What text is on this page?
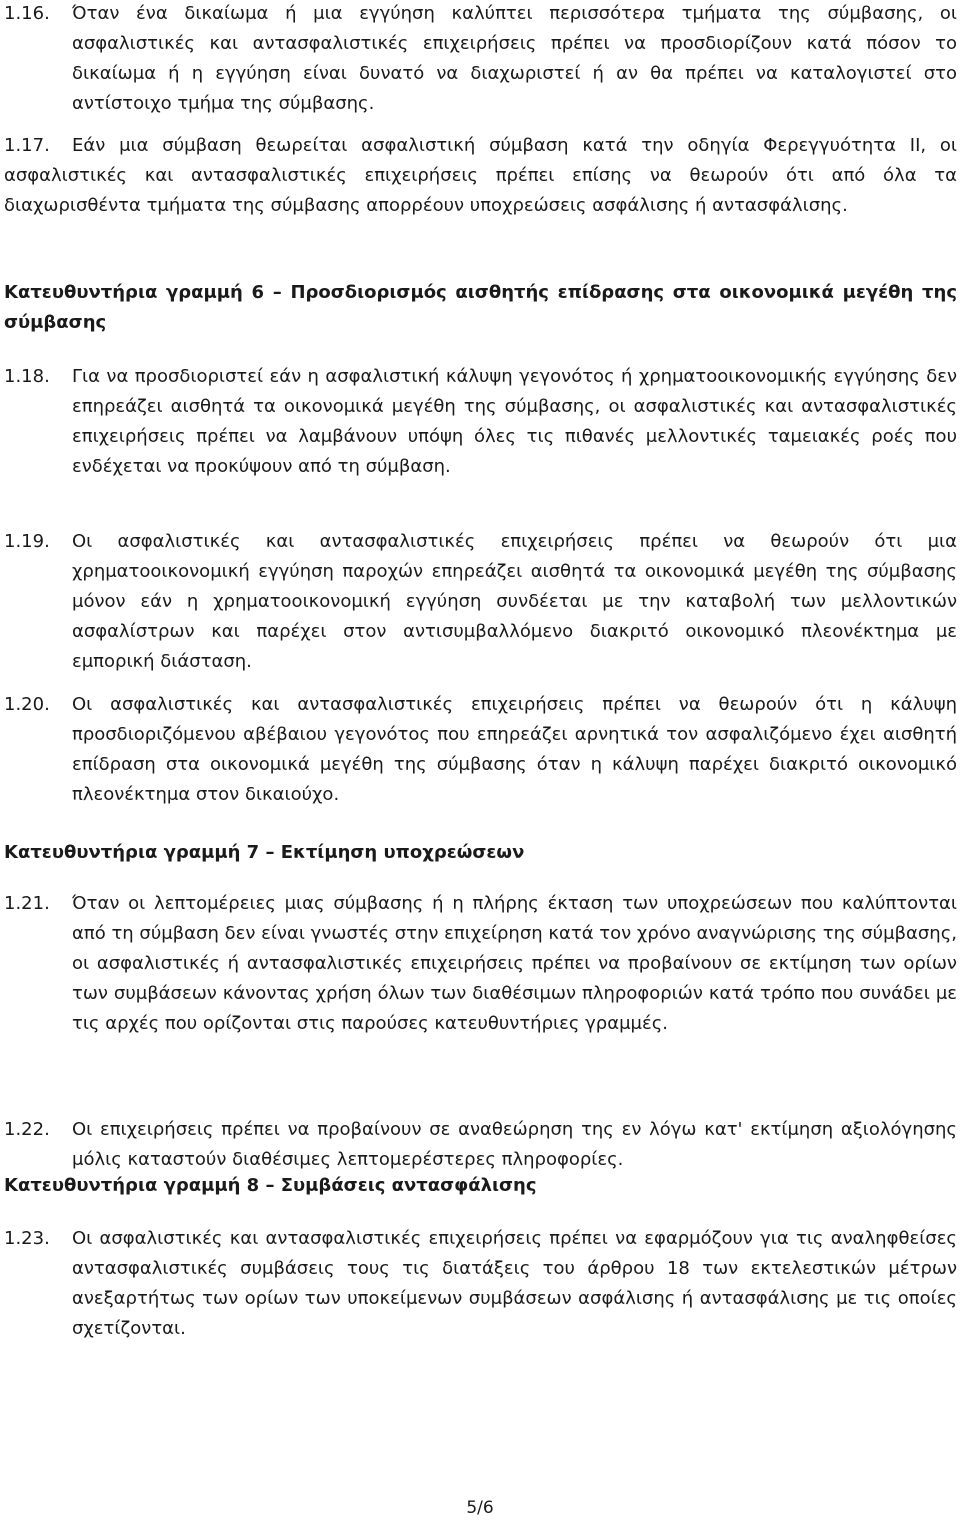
1.16. Όταν ένα δικαίωμα ή μια εγγύηση καλύπτει περισσότερα τμήματα της σύμβασης, οι ασφαλιστικές και αντασφαλιστικές επιχειρήσεις πρέπει να προσδιορίζουν κατά πόσον το δικαίωμα ή η εγγύηση είναι δυνατό να διαχωριστεί ή αν θα πρέπει να καταλογιστεί στο αντίστοιχο τμήμα της σύμβασης.
1.17.	Εάν μια σύμβαση θεωρείται ασφαλιστική σύμβαση κατά την οδηγία Φερεγγυότητα ΙΙ, οι ασφαλιστικές και αντασφαλιστικές επιχειρήσεις πρέπει επίσης να θεωρούν ότι από όλα τα διαχωρισθέντα τμήματα της σύμβασης απορρέουν υποχρεώσεις ασφάλισης ή αντασφάλισης.
Κατευθυντήρια γραμμή 6 – Προσδιορισμός αισθητής επίδρασης στα οικονομικά μεγέθη της σύμβασης
1.18. Για να προσδιοριστεί εάν η ασφαλιστική κάλυψη γεγονότος ή χρηματοοικονομικής εγγύησης δεν επηρεάζει αισθητά τα οικονομικά μεγέθη της σύμβασης, οι ασφαλιστικές και αντασφαλιστικές επιχειρήσεις πρέπει να λαμβάνουν υπόψη όλες τις πιθανές μελλοντικές ταμειακές ροές που ενδέχεται να προκύψουν από τη σύμβαση.
1.19. Οι ασφαλιστικές και αντασφαλιστικές επιχειρήσεις πρέπει να θεωρούν ότι μια χρηματοοικονομική εγγύηση παροχών επηρεάζει αισθητά τα οικονομικά μεγέθη της σύμβασης μόνον εάν η χρηματοοικονομική εγγύηση συνδέεται με την καταβολή των μελλοντικών ασφαλίστρων και παρέχει στον αντισυμβαλλόμενο διακριτό οικονομικό πλεονέκτημα με εμπορική διάσταση.
1.20. Οι ασφαλιστικές και αντασφαλιστικές επιχειρήσεις πρέπει να θεωρούν ότι η κάλυψη προσδιοριζόμενου αβέβαιου γεγονότος που επηρεάζει αρνητικά τον ασφαλιζόμενο έχει αισθητή επίδραση στα οικονομικά μεγέθη της σύμβασης όταν η κάλυψη παρέχει διακριτό οικονομικό πλεονέκτημα στον δικαιούχο.
Κατευθυντήρια γραμμή 7 – Εκτίμηση υποχρεώσεων
1.21. Όταν οι λεπτομέρειες μιας σύμβασης ή η πλήρης έκταση των υποχρεώσεων που καλύπτονται από τη σύμβαση δεν είναι γνωστές στην επιχείρηση κατά τον χρόνο αναγνώρισης της σύμβασης, οι ασφαλιστικές ή αντασφαλιστικές επιχειρήσεις πρέπει να προβαίνουν σε εκτίμηση των ορίων των συμβάσεων κάνοντας χρήση όλων των διαθέσιμων πληροφοριών κατά τρόπο που συνάδει με τις αρχές που ορίζονται στις παρούσες κατευθυντήριες γραμμές.
1.22. Οι επιχειρήσεις πρέπει να προβαίνουν σε αναθεώρηση της εν λόγω κατ' εκτίμηση αξιολόγησης μόλις καταστούν διαθέσιμες λεπτομερέστερες πληροφορίες.
Κατευθυντήρια γραμμή 8 – Συμβάσεις αντασφάλισης
1.23. Οι ασφαλιστικές και αντασφαλιστικές επιχειρήσεις πρέπει να εφαρμόζουν για τις αναληφθείσες αντασφαλιστικές συμβάσεις τους τις διατάξεις του άρθρου 18 των εκτελεστικών μέτρων ανεξαρτήτως των ορίων των υποκείμενων συμβάσεων ασφάλισης ή αντασφάλισης με τις οποίες σχετίζονται.
5/6
